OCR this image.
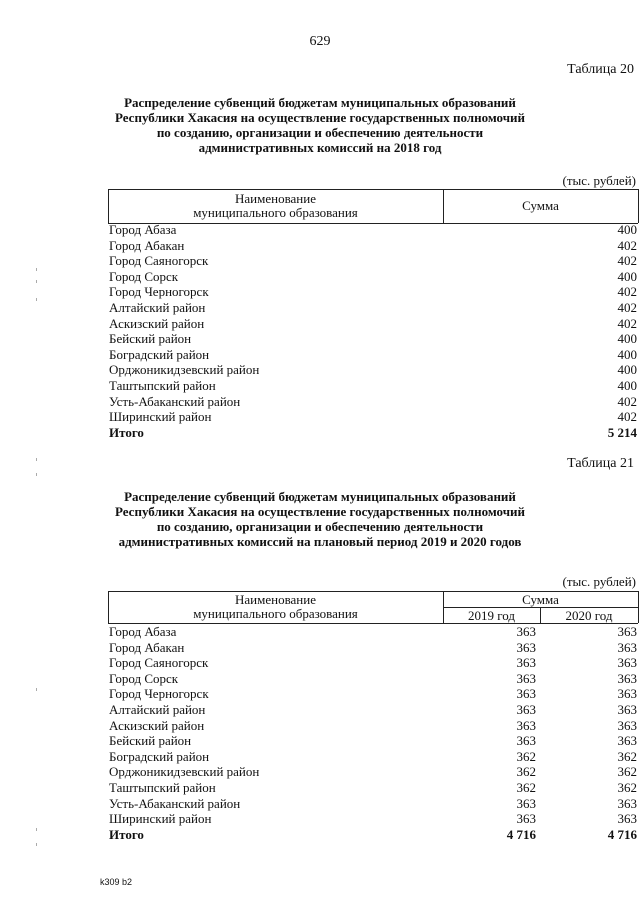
629
Таблица 20
Распределение субвенций бюджетам муниципальных образований
Республики Хакасия на осуществление государственных полномочий
по созданию, организации и обеспечению деятельности
административных комиссий на 2018 год
(тыс. рублей)
Наименование
муниципального образования	Сумма
Город Абаза	400
Город Абакан	402
Город Саяногорск	402
Город Сорск	400
Город Черногорск	402
Алтайский район	402
Аскизский район	402
Бейский район	400
Боградский район	400
Орджоникидзевский район	400
Таштыпский район	400
Усть-Абаканский район	402
Ширинский район	402
Итого	5 214
Таблица 21
Распределение субвенций бюджетам муниципальных образований
Республики Хакасия на осуществление государственных полномочий
по созданию, организации и обеспечению деятельности
административных комиссий на плановый период 2019 и 2020 годов
(тыс. рублей)
Наименование
муниципального образования
Сумма
2019 год	2020 год
Город Абаза	363	363
Город Абакан	363	363
Город Саяногорск	363	363
Город Сорск	363	363
Город Черногорск	363	363
Алтайский район	363	363
Аскизский район	363	363
Бейский район	363	363
Боградский район	362	362
Орджоникидзевский район	362	362
Таштыпский район	362	362
Усть-Абаканский район	363	363
Ширинский район	363	363
Итого	4 716	4 716
k309 b2
